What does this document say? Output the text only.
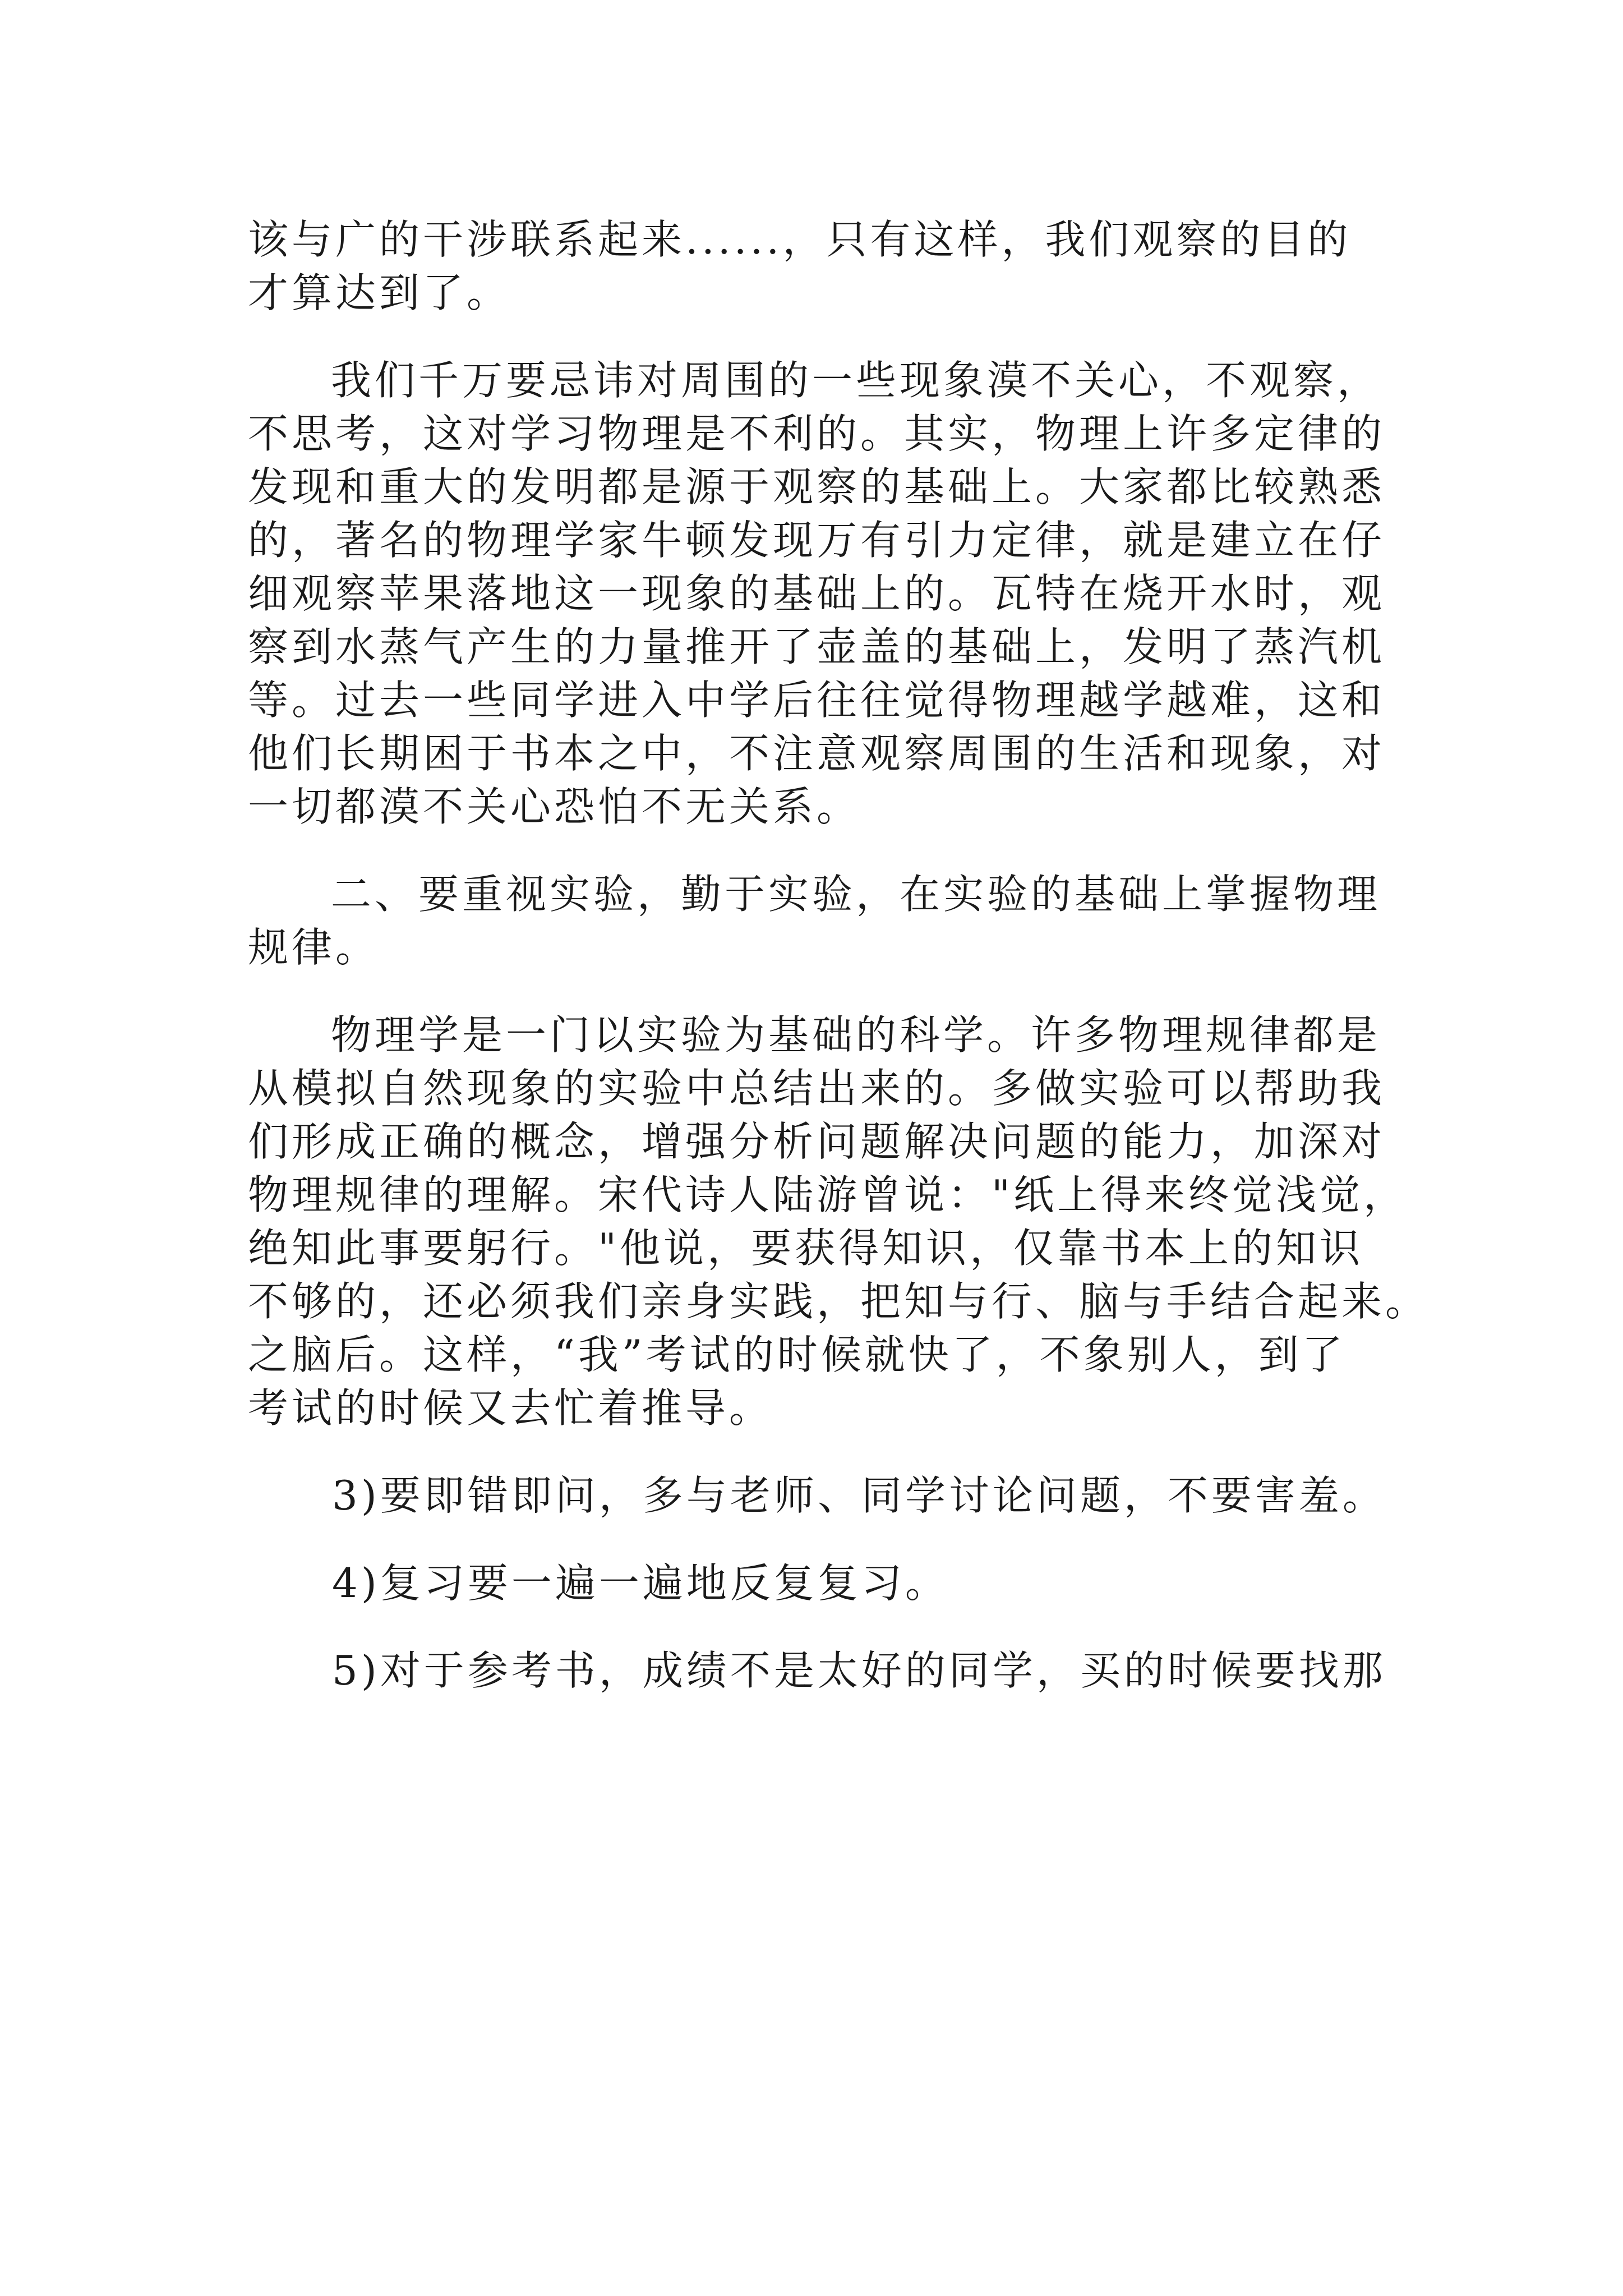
该与广的干涉联系起来......，只有这样，我们观察的目的
才算达到了。
我们千万要忌讳对周围的一些现象漠不关心，不观察，
不思考，这对学习物理是不利的。其实，物理上许多定律的
发现和重大的发明都是源于观察的基础上。大家都比较熟悉
的，著名的物理学家牛顿发现万有引力定律，就是建立在仔
细观察苹果落地这一现象的基础上的。瓦特在烧开水时，观
察到水蒸气产生的力量推开了壶盖的基础上，发明了蒸汽机
等。过去一些同学进入中学后往往觉得物理越学越难，这和
他们长期困于书本之中，不注意观察周围的生活和现象，对
一切都漠不关心恐怕不无关系。
二、要重视实验，勤于实验，在实验的基础上掌握物理
规律。
物理学是一门以实验为基础的科学。许多物理规律都是
从模拟自然现象的实验中总结出来的。多做实验可以帮助我
们形成正确的概念，增强分析问题解决问题的能力，加深对
物理规律的理解。宋代诗人陆游曾说："纸上得来终觉浅觉，
绝知此事要躬行。"他说，要获得知识，仅靠书本上的知识
不够的，还必须我们亲身实践，把知与行、脑与手结合起来。
之脑后。这样，“我”考试的时候就快了，不象别人，到了
考试的时候又去忙着推导。
3)要即错即问，多与老师、同学讨论问题，不要害羞。
4)复习要一遍一遍地反复复习。
5)对于参考书，成绩不是太好的同学，买的时候要找那
